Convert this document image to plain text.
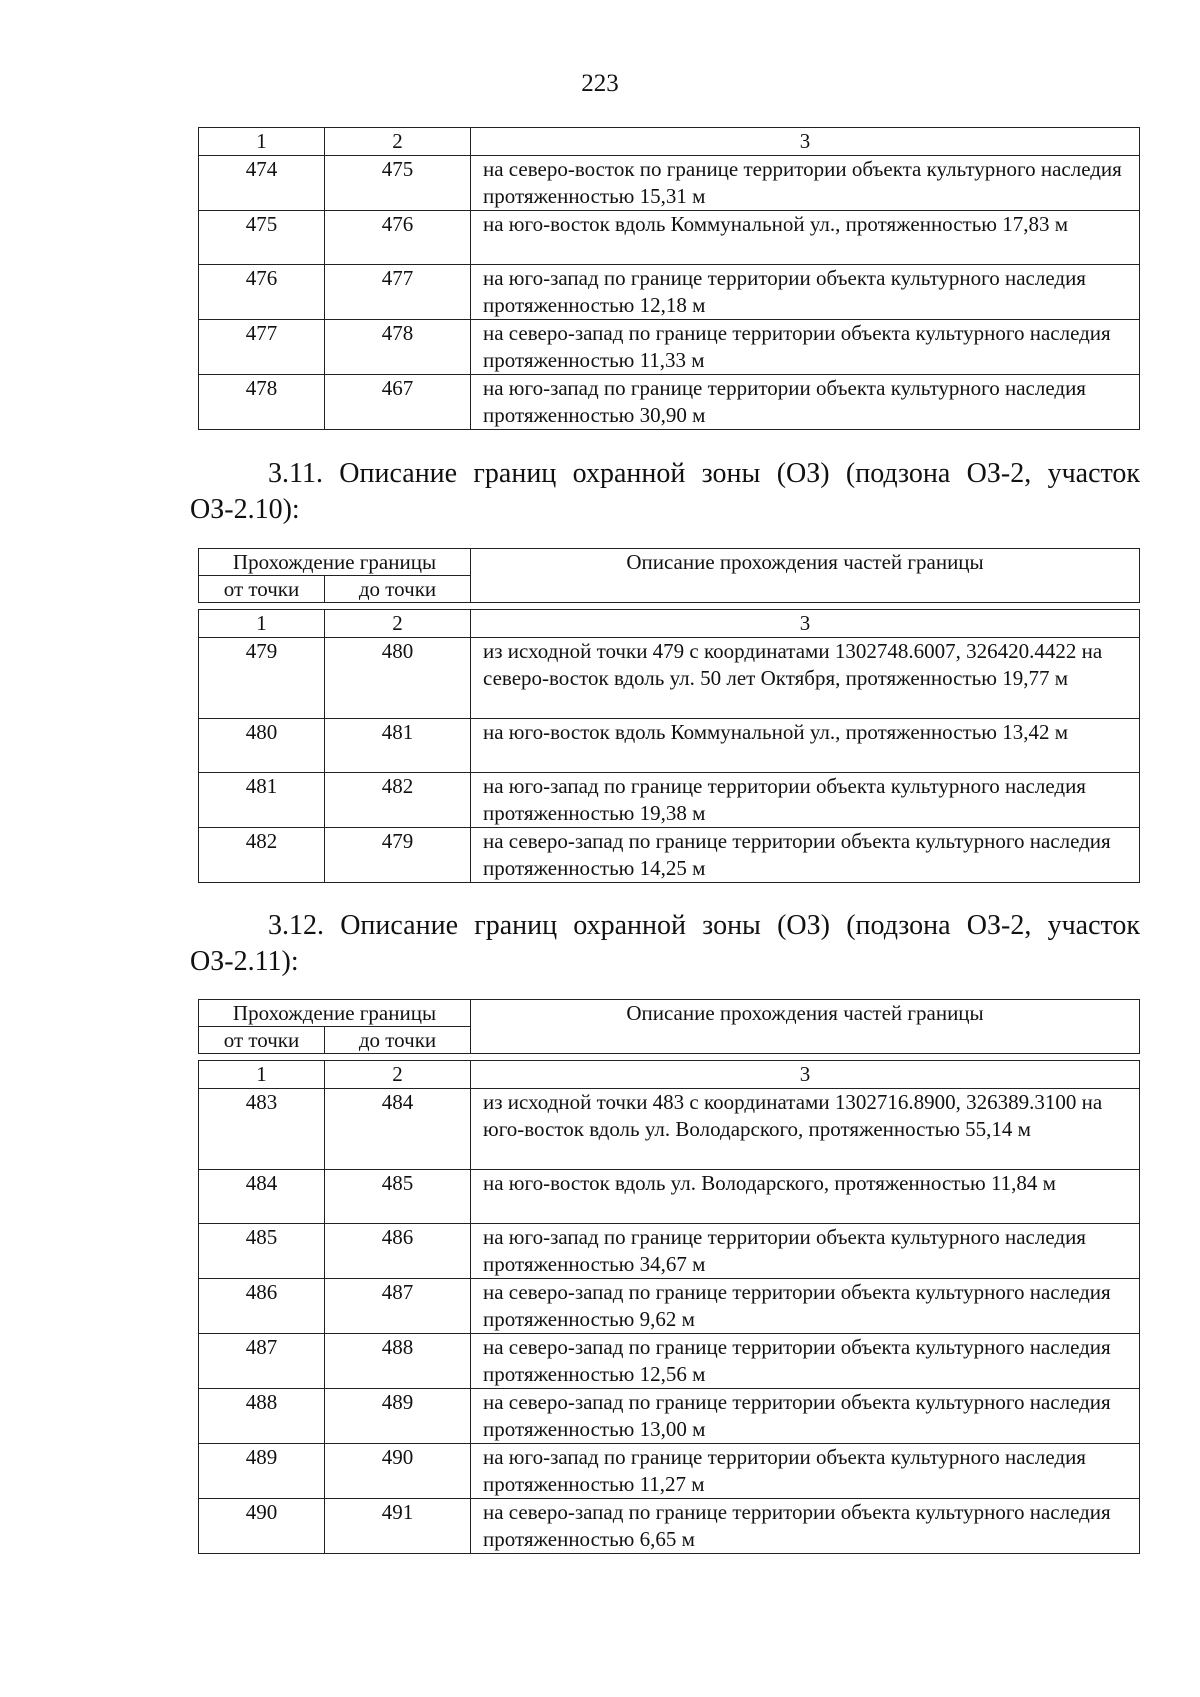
223
1	2	3
474	475	на северо-восток по границе территории объекта культурного наследия протяженностью 15,31 м
475	476	на юго-восток вдоль Коммунальной ул., протяженностью 17,83 м
476	477	на юго-запад по границе территории объекта культурного наследия протяженностью 12,18 м
477	478	на северо-запад по границе территории объекта культурного наследия протяженностью 11,33 м
478	467	на юго-запад по границе территории объекта культурного наследия протяженностью 30,90 м
3.11. Описание границ охранной зоны (ОЗ) (подзона ОЗ-2, участок
ОЗ-2.10):
Прохождение границы		Описание прохождения частей границы
от точки	до точки	

1	2	3
479	480	из исходной точки 479 с координатами 1302748.6007, 326420.4422 на северо-восток вдоль ул. 50 лет Октября, протяженностью 19,77 м
480	481	на юго-восток вдоль Коммунальной ул., протяженностью 13,42 м
481	482	на юго-запад по границе территории объекта культурного наследия протяженностью 19,38 м
482	479	на северо-запад по границе территории объекта культурного наследия протяженностью 14,25 м
3.12. Описание границ охранной зоны (ОЗ) (подзона ОЗ-2, участок
ОЗ-2.11):
Прохождение границы		Описание прохождения частей границы
от точки	до точки	

1	2	3
483	484	из исходной точки 483 с координатами 1302716.8900, 326389.3100 на юго-восток вдоль ул. Володарского, протяженностью 55,14 м
484	485	на юго-восток вдоль ул. Володарского, протяженностью 11,84 м
485	486	на юго-запад по границе территории объекта культурного наследия протяженностью 34,67 м
486	487	на северо-запад по границе территории объекта культурного наследия протяженностью 9,62 м
487	488	на северо-запад по границе территории объекта культурного наследия протяженностью 12,56 м
488	489	на северо-запад по границе территории объекта культурного наследия протяженностью 13,00 м
489	490	на юго-запад по границе территории объекта культурного наследия протяженностью 11,27 м
490	491	на северо-запад по границе территории объекта культурного наследия протяженностью 6,65 м
